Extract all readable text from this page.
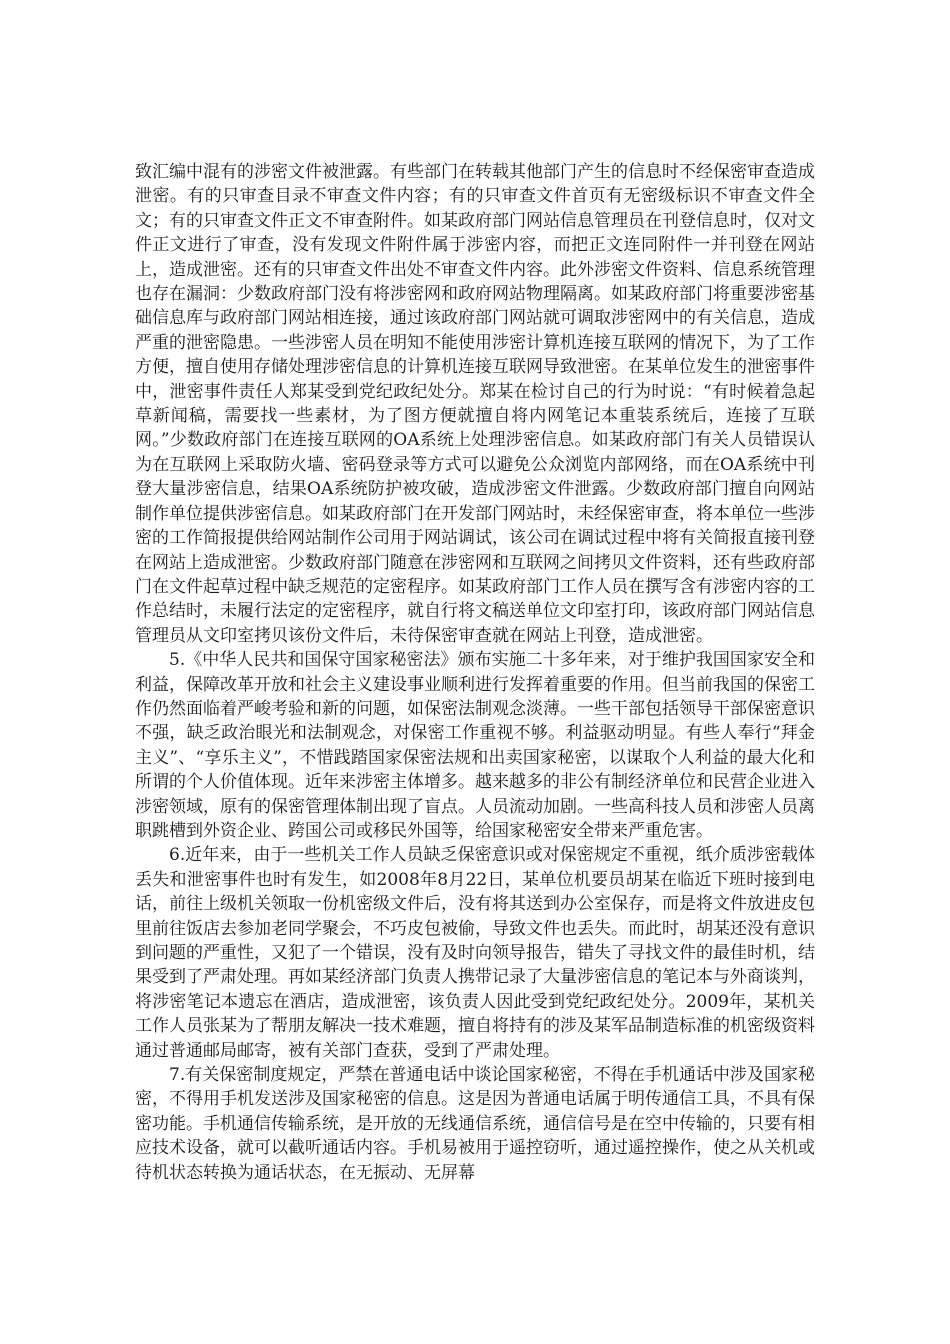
致汇编中混有的涉密文件被泄露。有些部门在转载其他部门产生的信息时不经保密审查造成泄密。有的只审查目录不审查文件内容；有的只审查文件首页有无密级标识不审查文件全文；有的只审查文件正文不审查附件。如某政府部门网站信息管理员在刊登信息时，仅对文件正文进行了审查，没有发现文件附件属于涉密内容，而把正文连同附件一并刊登在网站上，造成泄密。还有的只审查文件出处不审查文件内容。此外涉密文件资料、信息系统管理也存在漏洞：少数政府部门没有将涉密网和政府网站物理隔离。如某政府部门将重要涉密基础信息库与政府部门网站相连接，通过该政府部门网站就可调取涉密网中的有关信息，造成严重的泄密隐患。一些涉密人员在明知不能使用涉密计算机连接互联网的情况下，为了工作方便，擅自使用存储处理涉密信息的计算机连接互联网导致泄密。在某单位发生的泄密事件中，泄密事件责任人郑某受到党纪政纪处分。郑某在检讨自己的行为时说：“有时候着急起草新闻稿，需要找一些素材，为了图方便就擅自将内网笔记本重装系统后，连接了互联网。”少数政府部门在连接互联网的OA系统上处理涉密信息。如某政府部门有关人员错误认为在互联网上采取防火墙、密码登录等方式可以避免公众浏览内部网络，而在OA系统中刊登大量涉密信息，结果OA系统防护被攻破，造成涉密文件泄露。少数政府部门擅自向网站制作单位提供涉密信息。如某政府部门在开发部门网站时，未经保密审查，将本单位一些涉密的工作简报提供给网站制作公司用于网站调试，该公司在调试过程中将有关简报直接刊登在网站上造成泄密。少数政府部门随意在涉密网和互联网之间拷贝文件资料，还有些政府部门在文件起草过程中缺乏规范的定密程序。如某政府部门工作人员在撰写含有涉密内容的工作总结时，未履行法定的定密程序，就自行将文稿送单位文印室打印，该政府部门网站信息管理员从文印室拷贝该份文件后，未待保密审查就在网站上刊登，造成泄密。

5.《中华人民共和国保守国家秘密法》颁布实施二十多年来，对于维护我国国家安全和利益，保障改革开放和社会主义建设事业顺利进行发挥着重要的作用。但当前我国的保密工作仍然面临着严峻考验和新的问题，如保密法制观念淡薄。一些干部包括领导干部保密意识不强，缺乏政治眼光和法制观念，对保密工作重视不够。利益驱动明显。有些人奉行“拜金主义”、“享乐主义”，不惜践踏国家保密法规和出卖国家秘密，以谋取个人利益的最大化和所谓的个人价值体现。近年来涉密主体增多。越来越多的非公有制经济单位和民营企业进入涉密领域，原有的保密管理体制出现了盲点。人员流动加剧。一些高科技人员和涉密人员离职跳槽到外资企业、跨国公司或移民外国等，给国家秘密安全带来严重危害。

6.近年来，由于一些机关工作人员缺乏保密意识或对保密规定不重视，纸介质涉密载体丢失和泄密事件也时有发生，如2008年8月22日，某单位机要员胡某在临近下班时接到电话，前往上级机关领取一份机密级文件后，没有将其送到办公室保存，而是将文件放进皮包里前往饭店去参加老同学聚会，不巧皮包被偷，导致文件也丢失。而此时，胡某还没有意识到问题的严重性，又犯了一个错误，没有及时向领导报告，错失了寻找文件的最佳时机，结果受到了严肃处理。再如某经济部门负责人携带记录了大量涉密信息的笔记本与外商谈判，将涉密笔记本遗忘在酒店，造成泄密，该负责人因此受到党纪政纪处分。2009年，某机关工作人员张某为了帮朋友解决一技术难题，擅自将持有的涉及某军品制造标准的机密级资料通过普通邮局邮寄，被有关部门查获，受到了严肃处理。

7.有关保密制度规定，严禁在普通电话中谈论国家秘密，不得在手机通话中涉及国家秘密，不得用手机发送涉及国家秘密的信息。这是因为普通电话属于明传通信工具，不具有保密功能。手机通信传输系统，是开放的无线通信系统，通信信号是在空中传输的，只要有相应技术设备，就可以截听通话内容。手机易被用于遥控窃听，通过遥控操作，使之从关机或待机状态转换为通话状态，在无振动、无屏幕
